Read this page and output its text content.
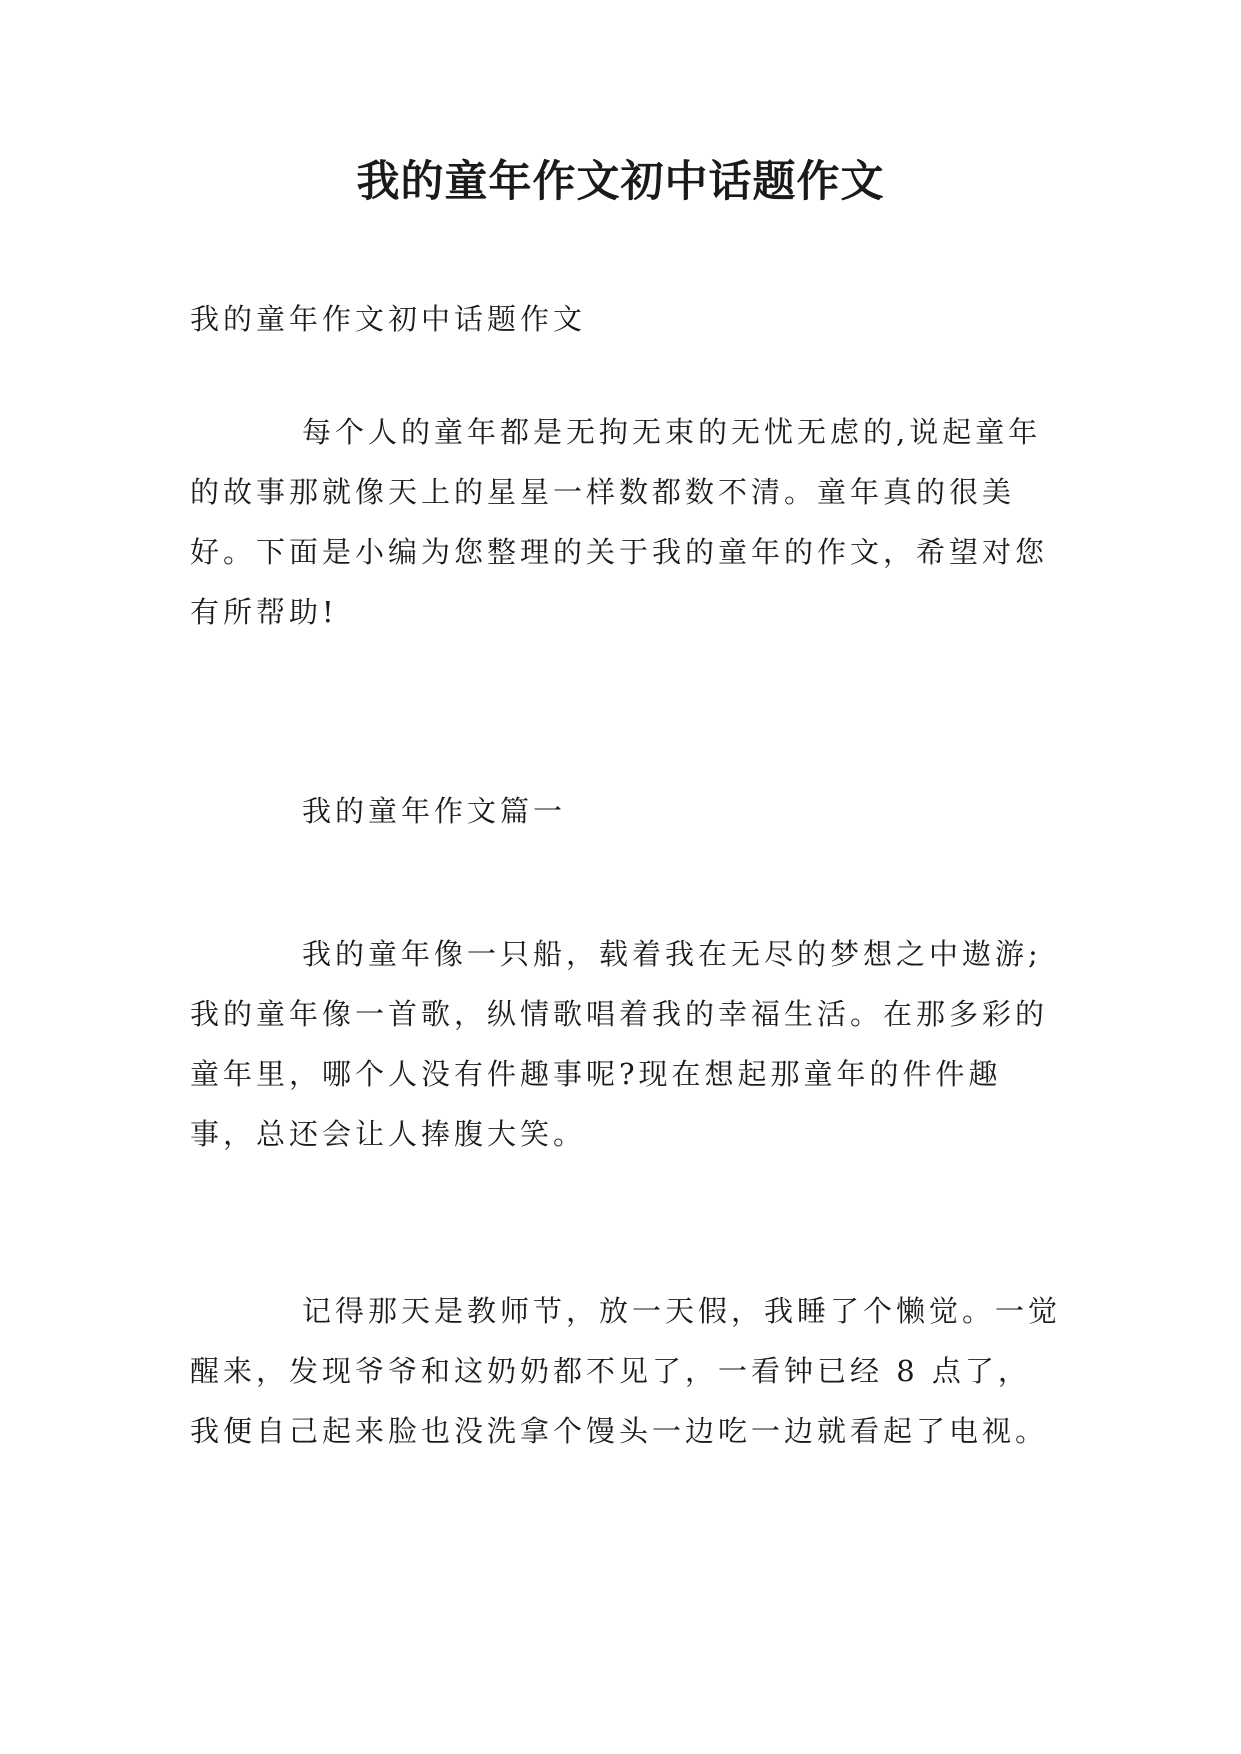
我的童年作文初中话题作文

我的童年作文初中话题作文

每个人的童年都是无拘无束的无忧无虑的,说起童年的故事那就像天上的星星一样数都数不清。童年真的很美好。下面是小编为您整理的关于我的童年的作文，希望对您有所帮助!

我的童年作文篇一

我的童年像一只船，载着我在无尽的梦想之中遨游;我的童年像一首歌，纵情歌唱着我的幸福生活。在那多彩的童年里，哪个人没有件趣事呢?现在想起那童年的件件趣事，总还会让人捧腹大笑。

记得那天是教师节，放一天假，我睡了个懒觉。一觉醒来，发现爷爷和这奶奶都不见了，一看钟已经 8 点了，我便自己起来脸也没洗拿个馒头一边吃一边就看起了电视。
